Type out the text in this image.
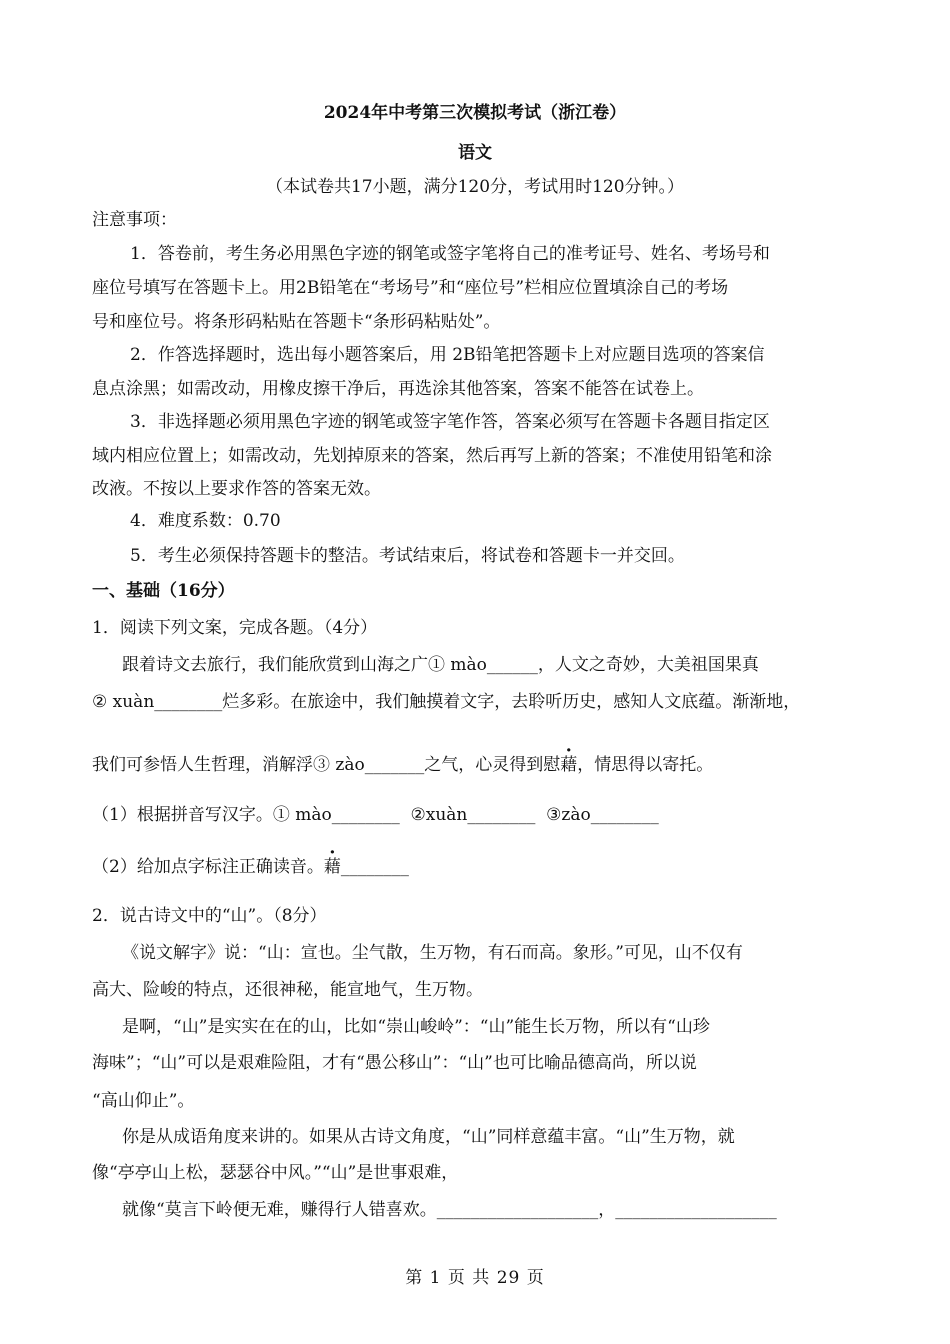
2024年中考第三次模拟考试（浙江卷）
语文
（本试卷共17小题，满分120分，考试用时120分钟。）
注意事项：
1．答卷前，考生务必用黑色字迹的钢笔或签字笔将自己的准考证号、姓名、考场号和
座位号填写在答题卡上。用2B铅笔在“考场号”和“座位号”栏相应位置填涂自己的考场
号和座位号。将条形码粘贴在答题卡“条形码粘贴处”。
2．作答选择题时，选出每小题答案后，用 2B铅笔把答题卡上对应题目选项的答案信
息点涂黑；如需改动，用橡皮擦干净后，再选涂其他答案，答案不能答在试卷上。
3．非选择题必须用黑色字迹的钢笔或签字笔作答，答案必须写在答题卡各题目指定区
域内相应位置上；如需改动，先划掉原来的答案，然后再写上新的答案；不准使用铅笔和涂
改液。不按以上要求作答的答案无效。
4．难度系数：0.70
5．考生必须保持答题卡的整洁。考试结束后，将试卷和答题卡一并交回。
一、基础（16分）
1．阅读下列文案，完成各题。（4分）
跟着诗文去旅行，我们能欣赏到山海之广① mào______，人文之奇妙，大美祖国果真
② xuàn________烂多彩。在旅途中，我们触摸着文字，去聆听历史，感知人文底蕴。渐渐地，
我们可参悟人生哲理，消解浮③ zào_______之气，心灵得到慰藉，情思得以寄托。
（1）根据拼音写汉字。① mào________  ②xuàn________  ③zào________
（2）给加点字标注正确读音。藉________
2．说古诗文中的“山”。（8分）
《说文解字》说：“山：宣也。尘气散，生万物，有石而高。象形。”可见，山不仅有
高大、险峻的特点，还很神秘，能宣地气，生万物。
是啊，“山”是实实在在的山，比如“崇山峻岭”：“山”能生长万物，所以有“山珍
海味”；“山”可以是艰难险阻，才有“愚公移山”：“山”也可比喻品德高尚，所以说
“高山仰止”。
你是从成语角度来讲的。如果从古诗文角度，“山”同样意蕴丰富。“山”生万物，就
像“亭亭山上松，瑟瑟谷中风。”“山”是世事艰难，
就像“莫言下岭便无难，赚得行人错喜欢。___________________，___________________
第 1 页 共 29 页
